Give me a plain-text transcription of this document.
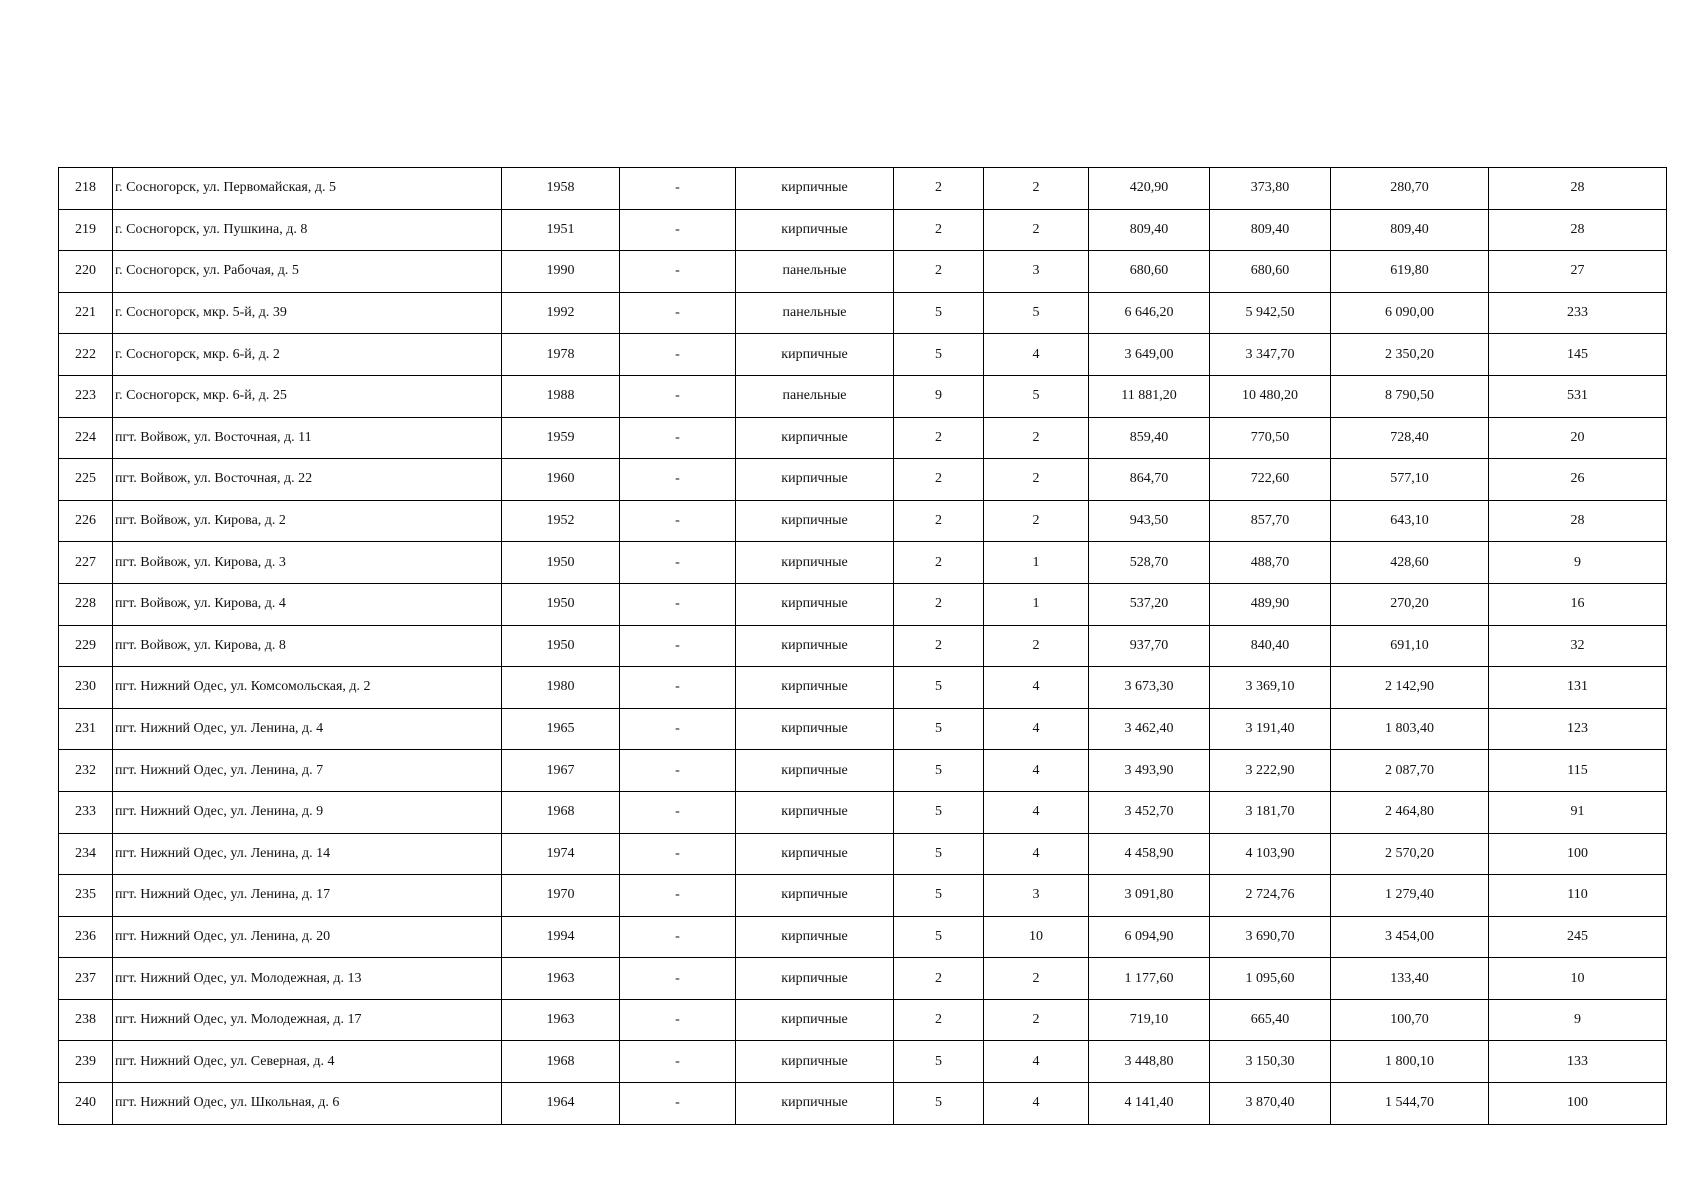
218	г. Сосногорск, ул. Первомайская, д. 5	1958	-	кирпичные	2	2	420,90	373,80	280,70	28
219	г. Сосногорск, ул. Пушкина, д. 8	1951	-	кирпичные	2	2	809,40	809,40	809,40	28
220	г. Сосногорск, ул. Рабочая, д. 5	1990	-	панельные	2	3	680,60	680,60	619,80	27
221	г. Сосногорск, мкр. 5-й, д. 39	1992	-	панельные	5	5	6 646,20	5 942,50	6 090,00	233
222	г. Сосногорск, мкр. 6-й, д. 2	1978	-	кирпичные	5	4	3 649,00	3 347,70	2 350,20	145
223	г. Сосногорск, мкр. 6-й, д. 25	1988	-	панельные	9	5	11 881,20	10 480,20	8 790,50	531
224	пгт. Войвож, ул. Восточная, д. 11	1959	-	кирпичные	2	2	859,40	770,50	728,40	20
225	пгт. Войвож, ул. Восточная, д. 22	1960	-	кирпичные	2	2	864,70	722,60	577,10	26
226	пгт. Войвож, ул. Кирова, д. 2	1952	-	кирпичные	2	2	943,50	857,70	643,10	28
227	пгт. Войвож, ул. Кирова, д. 3	1950	-	кирпичные	2	1	528,70	488,70	428,60	9
228	пгт. Войвож, ул. Кирова, д. 4	1950	-	кирпичные	2	1	537,20	489,90	270,20	16
229	пгт. Войвож, ул. Кирова, д. 8	1950	-	кирпичные	2	2	937,70	840,40	691,10	32
230	пгт. Нижний Одес, ул. Комсомольская, д. 2	1980	-	кирпичные	5	4	3 673,30	3 369,10	2 142,90	131
231	пгт. Нижний Одес, ул. Ленина, д. 4	1965	-	кирпичные	5	4	3 462,40	3 191,40	1 803,40	123
232	пгт. Нижний Одес, ул. Ленина, д. 7	1967	-	кирпичные	5	4	3 493,90	3 222,90	2 087,70	115
233	пгт. Нижний Одес, ул. Ленина, д. 9	1968	-	кирпичные	5	4	3 452,70	3 181,70	2 464,80	91
234	пгт. Нижний Одес, ул. Ленина, д. 14	1974	-	кирпичные	5	4	4 458,90	4 103,90	2 570,20	100
235	пгт. Нижний Одес, ул. Ленина, д. 17	1970	-	кирпичные	5	3	3 091,80	2 724,76	1 279,40	110
236	пгт. Нижний Одес, ул. Ленина, д. 20	1994	-	кирпичные	5	10	6 094,90	3 690,70	3 454,00	245
237	пгт. Нижний Одес, ул. Молодежная, д. 13	1963	-	кирпичные	2	2	1 177,60	1 095,60	133,40	10
238	пгт. Нижний Одес, ул. Молодежная, д. 17	1963	-	кирпичные	2	2	719,10	665,40	100,70	9
239	пгт. Нижний Одес, ул. Северная, д. 4	1968	-	кирпичные	5	4	3 448,80	3 150,30	1 800,10	133
240	пгт. Нижний Одес, ул. Школьная, д. 6	1964	-	кирпичные	5	4	4 141,40	3 870,40	1 544,70	100
